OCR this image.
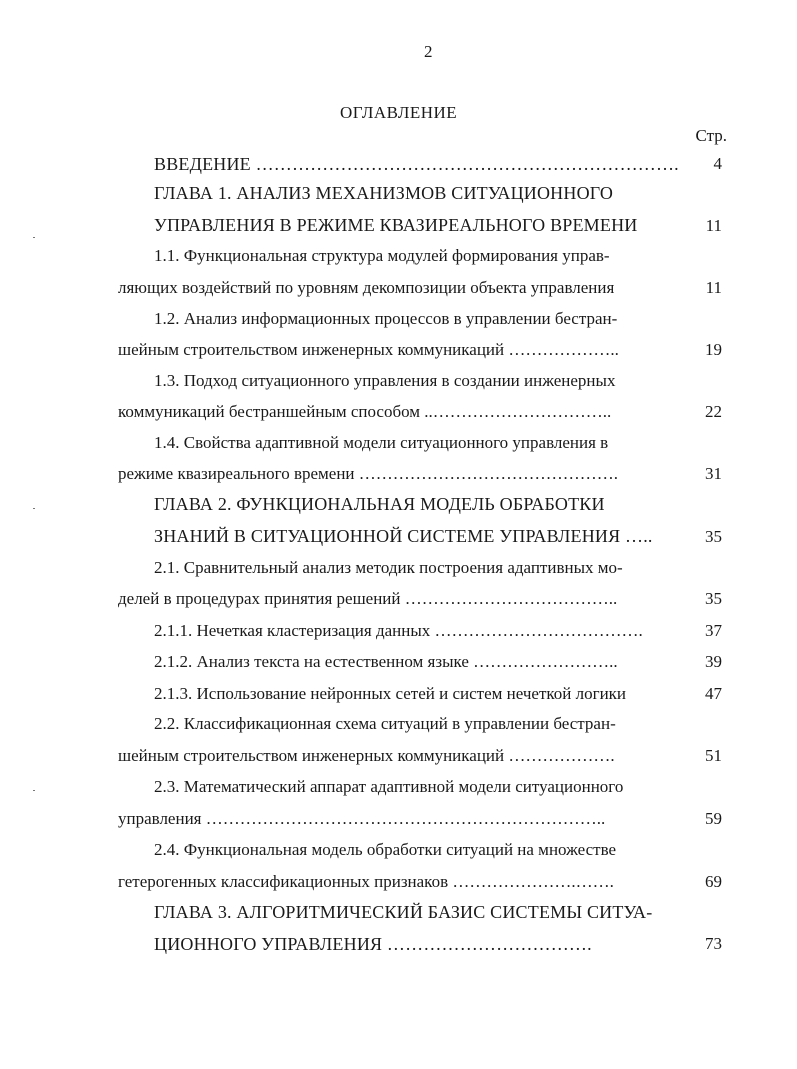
2
ОГЛАВЛЕНИЕ
Стр.
ВВЕДЕНИЕ ……………………………………………………………. 4
ГЛАВА 1. АНАЛИЗ МЕХАНИЗМОВ СИТУАЦИОННОГО
УПРАВЛЕНИЯ В РЕЖИМЕ КВАЗИРЕАЛЬНОГО ВРЕМЕНИ	11
1.1. Функциональная структура модулей формирования управ-
ляющих воздействий по уровням декомпозиции объекта управления	11
1.2. Анализ информационных процессов в управлении бестран-
шейным строительством инженерных коммуникаций ………………..	19
1.3. Подход ситуационного управления в создании инженерных
коммуникаций бестраншейным способом ..…………………………..	22
1.4. Свойства адаптивной модели ситуационного управления в
режиме квазиреального времени ……………………………………….	31
ГЛАВА 2. ФУНКЦИОНАЛЬНАЯ МОДЕЛЬ ОБРАБОТКИ
ЗНАНИЙ В СИТУАЦИОННОЙ СИСТЕМЕ УПРАВЛЕНИЯ …..	35
2.1. Сравнительный анализ методик построения адаптивных мо-
делей в процедурах принятия решений ………………………………..	35
2.1.1. Нечеткая кластеризация данных ……………………………….	37
2.1.2. Анализ текста на естественном языке ……………………..	39
2.1.3. Использование нейронных сетей и систем нечеткой логики	47
2.2. Классификационная схема ситуаций в управлении бестран-
шейным строительством инженерных коммуникаций ……………….	51
2.3. Математический аппарат адаптивной модели ситуационного
управления ……………………………………………………………..	59
2.4. Функциональная модель обработки ситуаций на множестве
гетерогенных классификационных признаков ………………….…….	69
ГЛАВА 3. АЛГОРИТМИЧЕСКИЙ БАЗИС СИСТЕМЫ СИТУА-
ЦИОННОГО УПРАВЛЕНИЯ …………………………….	73
